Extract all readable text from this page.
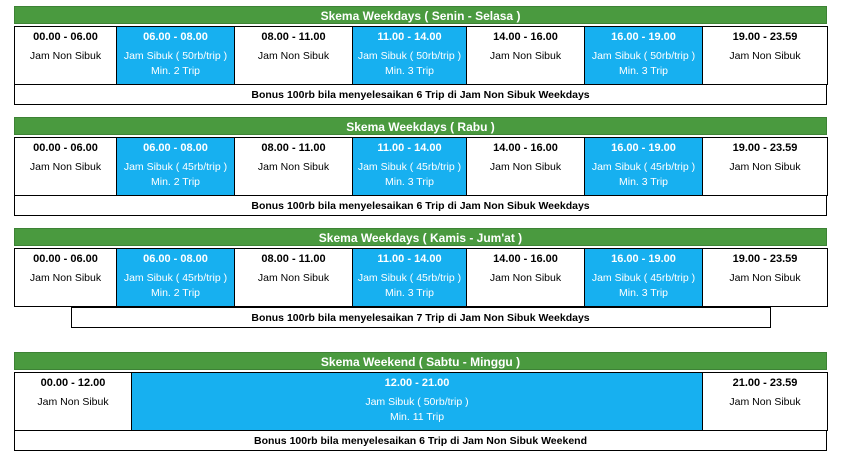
Skema Weekdays ( Senin - Selasa )
00.00 - 06.00
Jam Non Sibuk

06.00 - 08.00
Jam Sibuk ( 50rb/trip )
Min. 2 Trip

08.00 - 11.00
Jam Non Sibuk

11.00 - 14.00
Jam Sibuk ( 50rb/trip )
Min. 3 Trip

14.00 - 16.00
Jam Non Sibuk

16.00 - 19.00
Jam Sibuk ( 50rb/trip )
Min. 3 Trip

19.00 - 23.59
Jam Non Sibuk
Bonus 100rb bila menyelesaikan 6 Trip di Jam Non Sibuk Weekdays
Skema Weekdays ( Rabu )
00.00 - 06.00
Jam Non Sibuk

06.00 - 08.00
Jam Sibuk ( 45rb/trip )
Min. 2 Trip

08.00 - 11.00
Jam Non Sibuk

11.00 - 14.00
Jam Sibuk ( 45rb/trip )
Min. 3 Trip

14.00 - 16.00
Jam Non Sibuk

16.00 - 19.00
Jam Sibuk ( 45rb/trip )
Min. 3 Trip

19.00 - 23.59
Jam Non Sibuk
Bonus 100rb bila menyelesaikan 6 Trip di Jam Non Sibuk Weekdays
Skema Weekdays ( Kamis - Jum'at )
00.00 - 06.00
Jam Non Sibuk

06.00 - 08.00
Jam Sibuk ( 45rb/trip )
Min. 2 Trip

08.00 - 11.00
Jam Non Sibuk

11.00 - 14.00
Jam Sibuk ( 45rb/trip )
Min. 3 Trip

14.00 - 16.00
Jam Non Sibuk

16.00 - 19.00
Jam Sibuk ( 45rb/trip )
Min. 3 Trip

19.00 - 23.59
Jam Non Sibuk
Bonus 100rb bila menyelesaikan 7 Trip di Jam Non Sibuk Weekdays
Skema Weekend ( Sabtu - Minggu )
00.00 - 12.00
Jam Non Sibuk

12.00 - 21.00
Jam Sibuk ( 50rb/trip )
Min. 11 Trip

21.00 - 23.59
Jam Non Sibuk
Bonus 100rb bila menyelesaikan 6 Trip di Jam Non Sibuk Weekend
